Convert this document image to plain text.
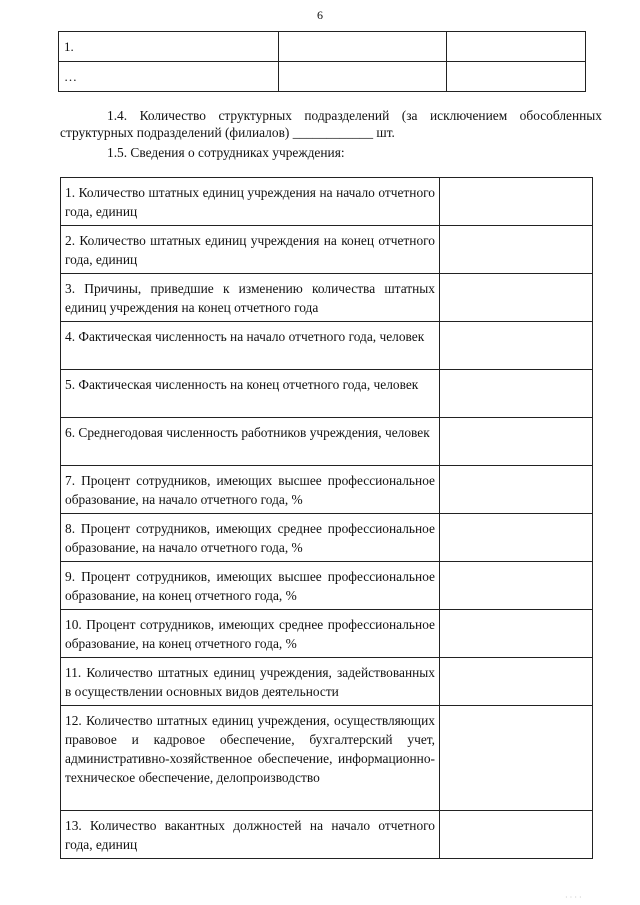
6
1.		
…		
1.4. Количество структурных подразделений (за исключением обособленных структурных подразделений (филиалов) ____________ шт.
1.5. Сведения о сотрудниках учреждения:
1. Количество штатных единиц учреждения на начало отчетного года, единиц	
2. Количество штатных единиц учреждения на конец отчетного года, единиц	
3. Причины, приведшие к изменению количества штатных единиц учреждения на конец отчетного года	
4. Фактическая численность на начало отчетного года, человек	
5. Фактическая численность на конец отчетного года, человек	
6. Среднегодовая численность работников учреждения, человек	
7. Процент сотрудников, имеющих высшее профессиональное образование, на начало отчетного года, %	
8. Процент сотрудников, имеющих среднее профессиональное образование, на начало отчетного года, %	
9. Процент сотрудников, имеющих высшее профессиональное образование, на конец отчетного года, %	
10. Процент сотрудников, имеющих среднее профессиональное образование, на конец отчетного года, %	
11. Количество штатных единиц учреждения, задействованных в осуществлении основных видов деятельности	
12. Количество штатных единиц учреждения, осуществляющих правовое и кадровое обеспечение, бухгалтерский учет, административно-хозяйственное обеспечение, информационно-техническое обеспечение, делопроизводство	
13. Количество вакантных должностей на начало отчетного года, единиц	
····
